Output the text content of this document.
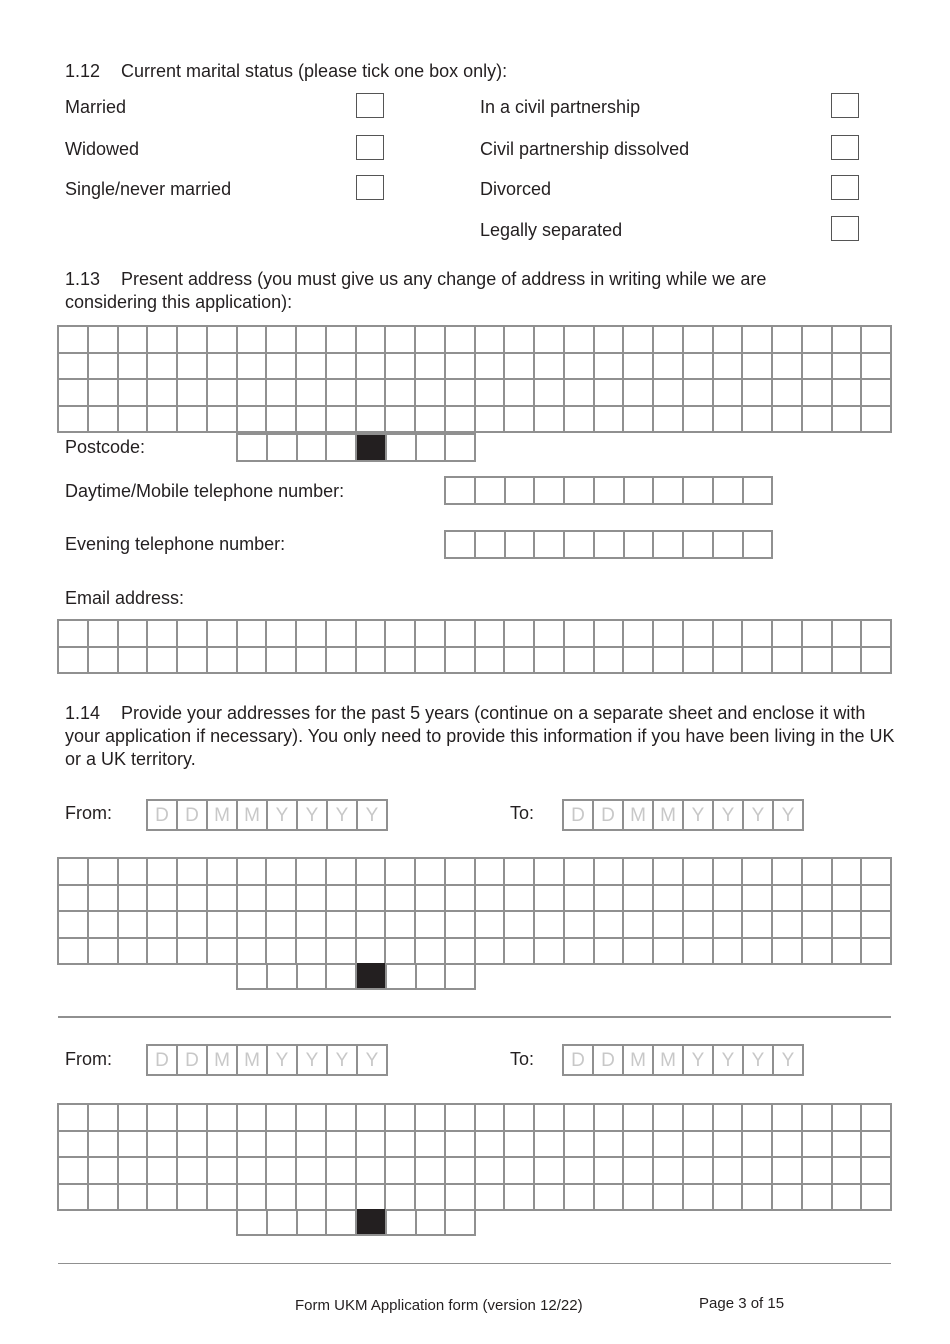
1.12 Current marital status (please tick one box only):
Married
Widowed
Single/never married
In a civil partnership
Civil partnership dissolved
Divorced
Legally separated
1.13 Present address (you must give us any change of address in writing while we are considering this application):
Postcode:
Daytime/Mobile telephone number:
Evening telephone number:
Email address:
1.14 Provide your addresses for the past 5 years (continue on a separate sheet and enclose it with your application if necessary). You only need to provide this information if you have been living in the UK or a UK territory.
From:	D D M M Y Y Y Y	To:	D D M M Y Y Y Y
From:	D D M M Y Y Y Y	To:	D D M M Y Y Y Y
Form UKM Application form (version 12/22)	Page 3 of 15
